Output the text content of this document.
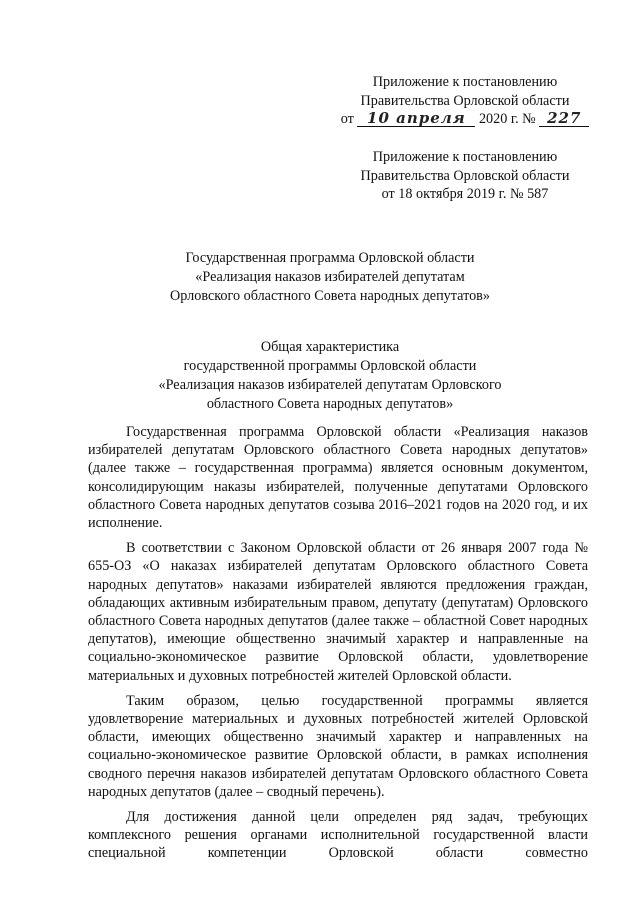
Приложение к постановлению
Правительства Орловской области
от 10 апреля 2020 г. № 227
Приложение к постановлению
Правительства Орловской области
от 18 октября 2019 г. № 587
Государственная программа Орловской области
«Реализация наказов избирателей депутатам
Орловского областного Совета народных депутатов»
Общая характеристика
государственной программы Орловской области
«Реализация наказов избирателей депутатам Орловского
областного Совета народных депутатов»

Государственная программа Орловской области «Реализация наказов избирателей депутатам Орловского областного Совета народных депутатов» (далее также – государственная программа) является основным документом, консолидирующим наказы избирателей, полученные депутатами Орловского областного Совета народных депутатов созыва 2016–2021 годов на 2020 год, и их исполнение.

В соответствии с Законом Орловской области от 26 января 2007 года № 655-ОЗ «О наказах избирателей депутатам Орловского областного Совета народных депутатов» наказами избирателей являются предложения граждан, обладающих активным избирательным правом, депутату (депутатам) Орловского областного Совета народных депутатов (далее также – областной Совет народных депутатов), имеющие общественно значимый характер и направленные на социально-экономическое развитие Орловской области, удовлетворение материальных и духовных потребностей жителей Орловской области.

Таким образом, целью государственной программы является удовлетворение материальных и духовных потребностей жителей Орловской области, имеющих общественно значимый характер и направленных на социально-экономическое развитие Орловской области, в рамках исполнения сводного перечня наказов избирателей депутатам Орловского областного Совета народных депутатов (далее – сводный перечень).

Для достижения данной цели определен ряд задач, требующих комплексного решения органами исполнительной государственной власти специальной компетенции Орловской области совместно
